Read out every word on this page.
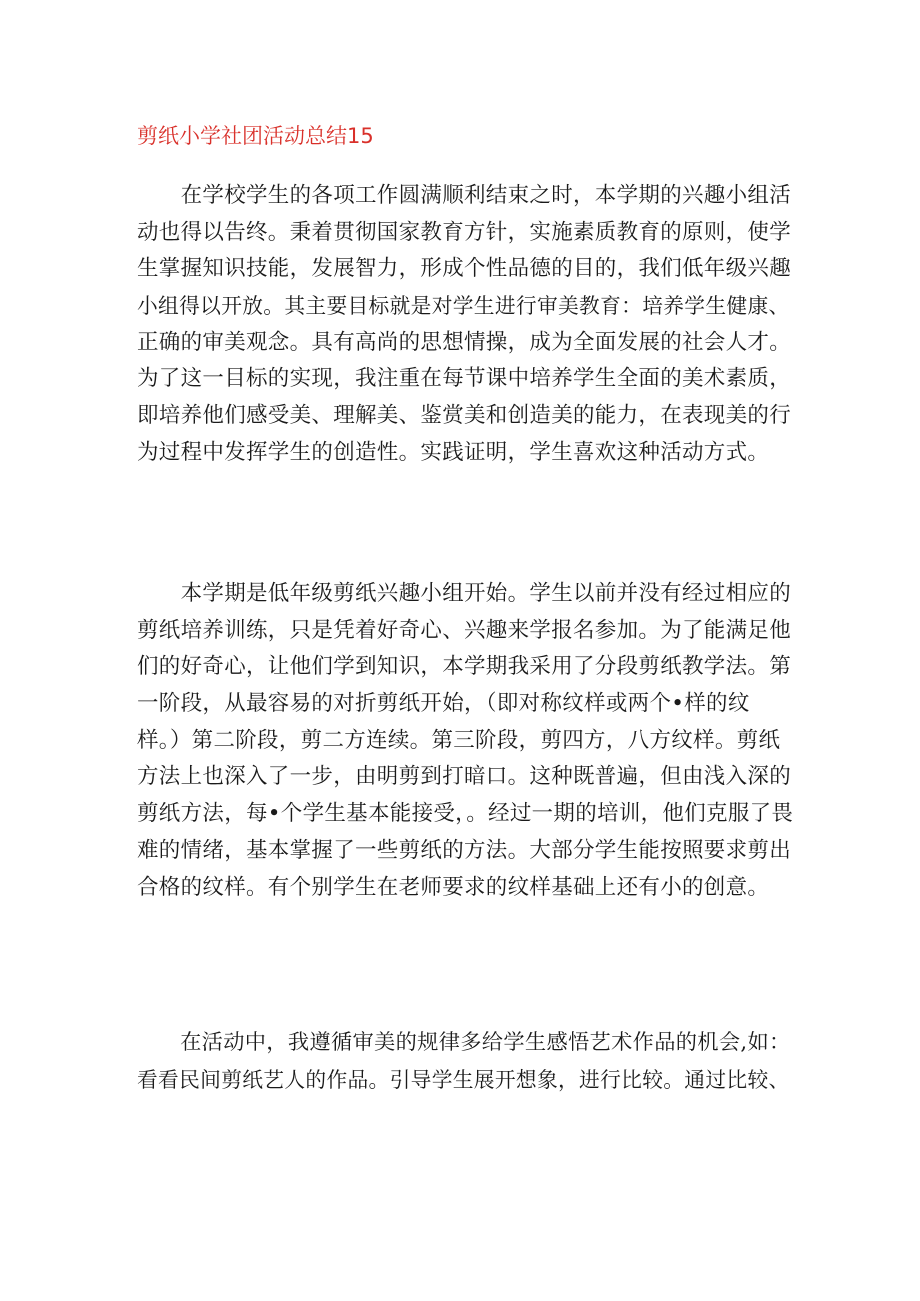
剪纸小学社团活动总结15
　　在学校学生的各项工作圆满顺利结束之时，本学期的兴趣小组活
动也得以告终。秉着贯彻国家教育方针，实施素质教育的原则，使学
生掌握知识技能，发展智力，形成个性品德的目的，我们低年级兴趣
小组得以开放。其主要目标就是对学生进行审美教育：培养学生健康、
正确的审美观念。具有高尚的思想情操，成为全面发展的社会人才。
为了这一目标的实现，我注重在每节课中培养学生全面的美术素质，
即培养他们感受美、理解美、鉴赏美和创造美的能力，在表现美的行
为过程中发挥学生的创造性。实践证明，学生喜欢这种活动方式。
　　本学期是低年级剪纸兴趣小组开始。学生以前并没有经过相应的
剪纸培养训练，只是凭着好奇心、兴趣来学报名参加。为了能满足他
们的好奇心，让他们学到知识，本学期我采用了分段剪纸教学法。第
一阶段，从最容易的对折剪纸开始，（即对称纹样或两个•样的纹
样。）第二阶段，剪二方连续。第三阶段，剪四方，八方纹样。剪纸
方法上也深入了一步，由明剪到打暗口。这种既普遍，但由浅入深的
剪纸方法，每•个学生基本能接受，。经过一期的培训，他们克服了畏
难的情绪，基本掌握了一些剪纸的方法。大部分学生能按照要求剪出
合格的纹样。有个别学生在老师要求的纹样基础上还有小的创意。
　　在活动中，我遵循审美的规律多给学生感悟艺术作品的机会,如：
看看民间剪纸艺人的作品。引导学生展开想象，进行比较。通过比较、
